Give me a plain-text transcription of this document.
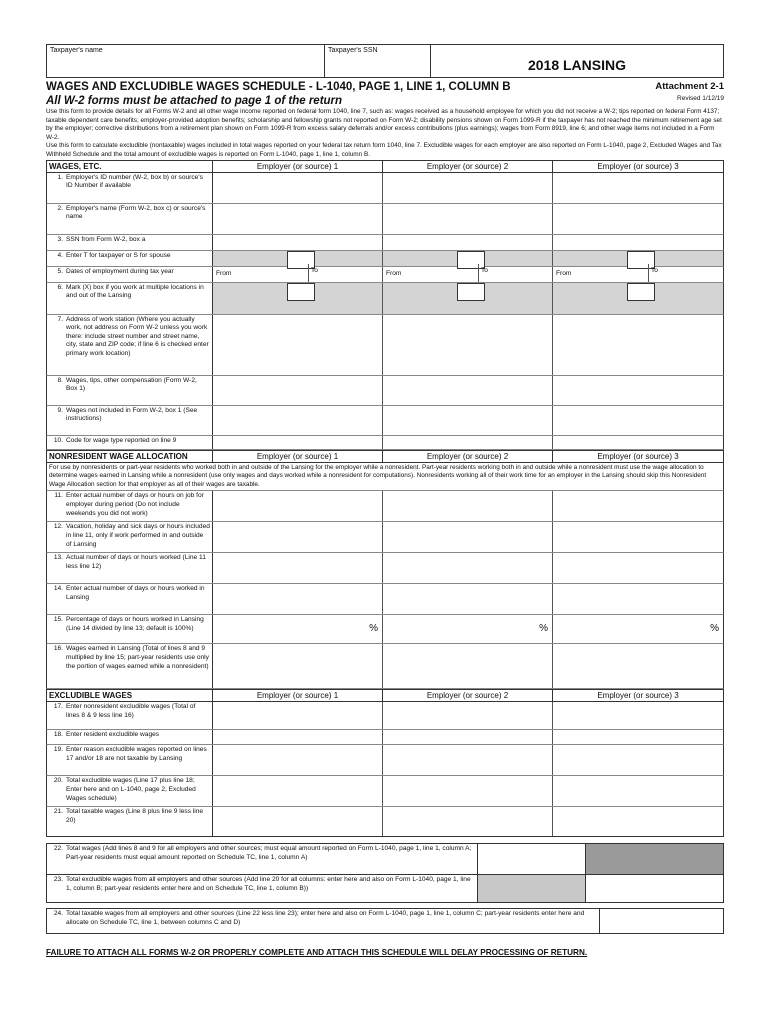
Taxpayer's name	Taxpayer's SSN
2018 LANSING
WAGES AND EXCLUDIBLE WAGES SCHEDULE - L-1040, PAGE 1, LINE 1, COLUMN B
All W-2 forms must be attached to page 1 of the return
Attachment 2-1
Revised 1/12/19
Use this form to provide details for all Forms W-2 and all other wage income reported on federal form 1040, line 7, such as: wages received as a household employee for which you did not receive a W-2; tips reported on federal Form 4137; taxable dependent care benefits; employer-provided adoption benefits; scholarship and fellowship grants not reported on Form W-2; disability pensions shown on Form 1099-R if the taxpayer has not reached the minimum retirement age set by the employer; corrective distributions from a retirement plan shown on Form 1099-R from excess salary deferrals and/or excess contributions (plus earnings); wages from Form 8919, line 6; and other wage items not included in a Form W-2.
Use this form to calculate excludible (nontaxable) wages included in total wages reported on your federal tax return form 1040, line 7. Excludible wages for each employer are also reported on Form L-1040, page 2, Excluded Wages and Tax Withheld Schedule and the total amount of excludible wages is reported on Form L-1040, page 1, line 1, column B.
WAGES, ETC.	Employer (or source) 1	Employer (or source) 2	Employer (or source) 3
1. Employer's ID number (W-2, box b) or source's ID Number if available
2. Employer's name (Form W-2, box c) or source's name
3. SSN from Form W-2, box a
4. Enter T for taxpayer or S for spouse
5. Dates of employment during tax year	From	To	From	To	From	To
6. Mark (X) box if you work at multiple locations in and out of the Lansing
7. Address of work station (Where you actually work, not address on Form W-2 unless you work there: include street number and street name, city, state and ZIP code; if line 6 is checked enter primary work location)
8. Wages, tips, other compensation (Form W-2, Box 1)
9. Wages not included in Form W-2, box 1 (See instructions)
10. Code for wage type reported on line 9
NONRESIDENT WAGE ALLOCATION	Employer (or source) 1	Employer (or source) 2	Employer (or source) 3
For use by nonresidents or part-year residents who worked both in and outside of the Lansing for the employer while a nonresident. Part-year residents working both in and outside while a nonresident must use the wage allocation to determine wages earned in Lansing while a nonresident (use only wages and days worked while a nonresident for computations). Nonresidents working all of their work time for an employer in the Lansing should skip this Nonresident Wage Allocation section for that employer as all of their wages are taxable.
11. Enter actual number of days or hours on job for employer during period (Do not include weekends you did not work)
12. Vacation, holiday and sick days or hours included in line 11, only if work performed in and outside of Lansing
13. Actual number of days or hours worked (Line 11 less line 12)
14. Enter actual number of days or hours worked in Lansing
15. Percentage of days or hours worked in Lansing (Line 14 divided by line 13; default is 100%)	%	%	%
16. Wages earned in Lansing (Total of lines 8 and 9 multiplied by line 15; part-year residents use only the portion of wages earned while a nonresident)
EXCLUDIBLE WAGES	Employer (or source) 1	Employer (or source) 2	Employer (or source) 3
17. Enter nonresident excludible wages (Total of lines 8 & 9 less line 16)
18. Enter resident excludible wages
19. Enter reason excludible wages reported on lines 17 and/or 18 are not taxable by Lansing
20. Total excludible wages (Line 17 plus line 18; Enter here and on L-1040, page 2, Excluded Wages schedule)
21. Total taxable wages (Line 8 plus line 9 less line 20)
22. Total wages (Add lines 8 and 9 for all employers and other sources; must equal amount reported on Form L-1040, page 1, line 1, column A; Part-year residents must equal amount reported on Schedule TC, line 1, column A)
23. Total excludible wages from all employers and other sources (Add line 20 for all columns: enter here and also on Form L-1040, page 1, line 1, column B; part-year residents enter here and on Schedule TC, line 1, column B))
24. Total taxable wages from all employers and other sources (Line 22 less line 23); enter here and also on Form L-1040, page 1, line 1, column C; part-year residents enter here and allocate on Schedule TC, line 1, between columns C and D)
FAILURE TO ATTACH ALL FORMS W-2 OR PROPERLY COMPLETE AND ATTACH THIS SCHEDULE WILL DELAY PROCESSING OF RETURN.
